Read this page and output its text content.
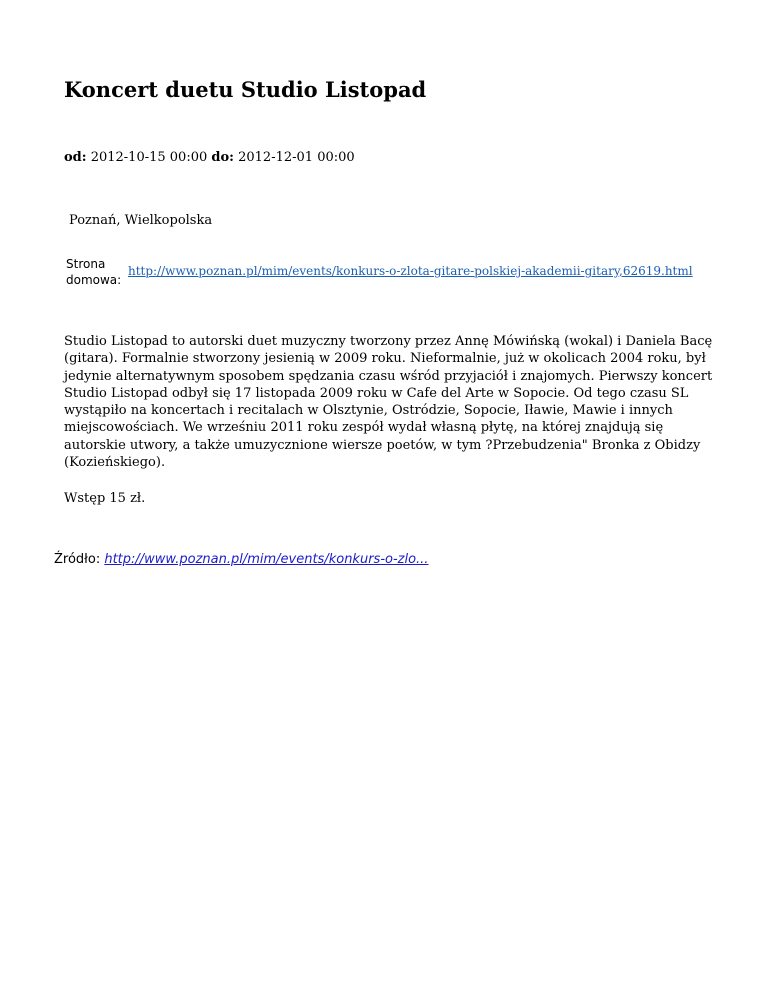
Koncert duetu Studio Listopad
od: 2012-10-15 00:00 do: 2012-12-01 00:00
Poznań, Wielkopolska
Strona domowa:
http://www.poznan.pl/mim/events/konkurs-o-zlota-gitare-polskiej-akademii-gitary,62619.html

Studio Listopad to autorski duet muzyczny tworzony przez Annę Mówińską (wokal) i Daniela Bacę (gitara). Formalnie stworzony jesienią w 2009 roku. Nieformalnie, już w okolicach 2004 roku, był jedynie alternatywnym sposobem spędzania czasu wśród przyjaciół i znajomych. Pierwszy koncert Studio Listopad odbył się 17 listopada 2009 roku w Cafe del Arte w Sopocie. Od tego czasu SL wystąpiło na koncertach i recitalach w Olsztynie, Ostródzie, Sopocie, Iławie, Mawie i innych miejscowościach. We wrześniu 2011 roku zespół wydał własną płytę, na której znajdują się autorskie utwory, a także umuzycznione wiersze poetów, w tym ?Przebudzenia" Bronka z Obidzy (Kozieńskiego).

Wstęp 15 zł.

Źródło: http://www.poznan.pl/mim/events/konkurs-o-zlo...
